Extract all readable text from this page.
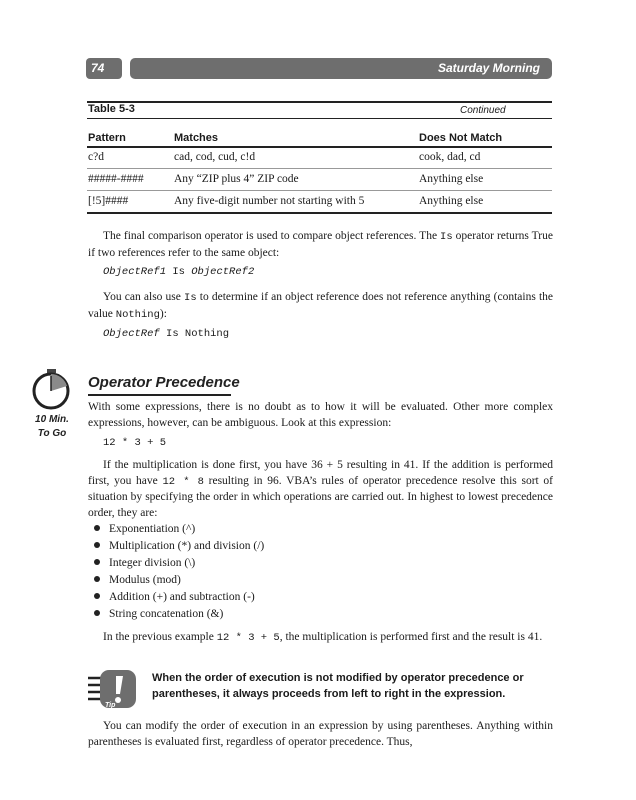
74	Saturday Morning
Table 5-3	Continued
Pattern	Matches	Does Not Match
c?d	cad, cod, cud, c!d	cook, dad, cd
#####-####	Any “ZIP plus 4” ZIP code	Anything else
[!5]####	Any five-digit number not starting with 5	Anything else
The final comparison operator is used to compare object references. The Is operator returns True if two references refer to the same object:
ObjectRef1 Is ObjectRef2
You can also use Is to determine if an object reference does not reference anything (contains the value Nothing):
ObjectRef Is Nothing
10 Min.
To Go
Operator Precedence
With some expressions, there is no doubt as to how it will be evaluated. Other more complex expressions, however, can be ambiguous. Look at this expression:
12 * 3 + 5
If the multiplication is done first, you have 36 + 5 resulting in 41. If the addition is performed first, you have 12 * 8 resulting in 96. VBA’s rules of operator precedence resolve this sort of situation by specifying the order in which operations are carried out. In highest to lowest precedence order, they are:
Exponentiation (^)
Multiplication (*) and division (/)
Integer division (\)
Modulus (mod)
Addition (+) and subtraction (-)
String concatenation (&)
In the previous example 12 * 3 + 5, the multiplication is performed first and the result is 41.
Tip
When the order of execution is not modified by operator precedence or parentheses, it always proceeds from left to right in the expression.
You can modify the order of execution in an expression by using parentheses. Anything within parentheses is evaluated first, regardless of operator precedence. Thus,
